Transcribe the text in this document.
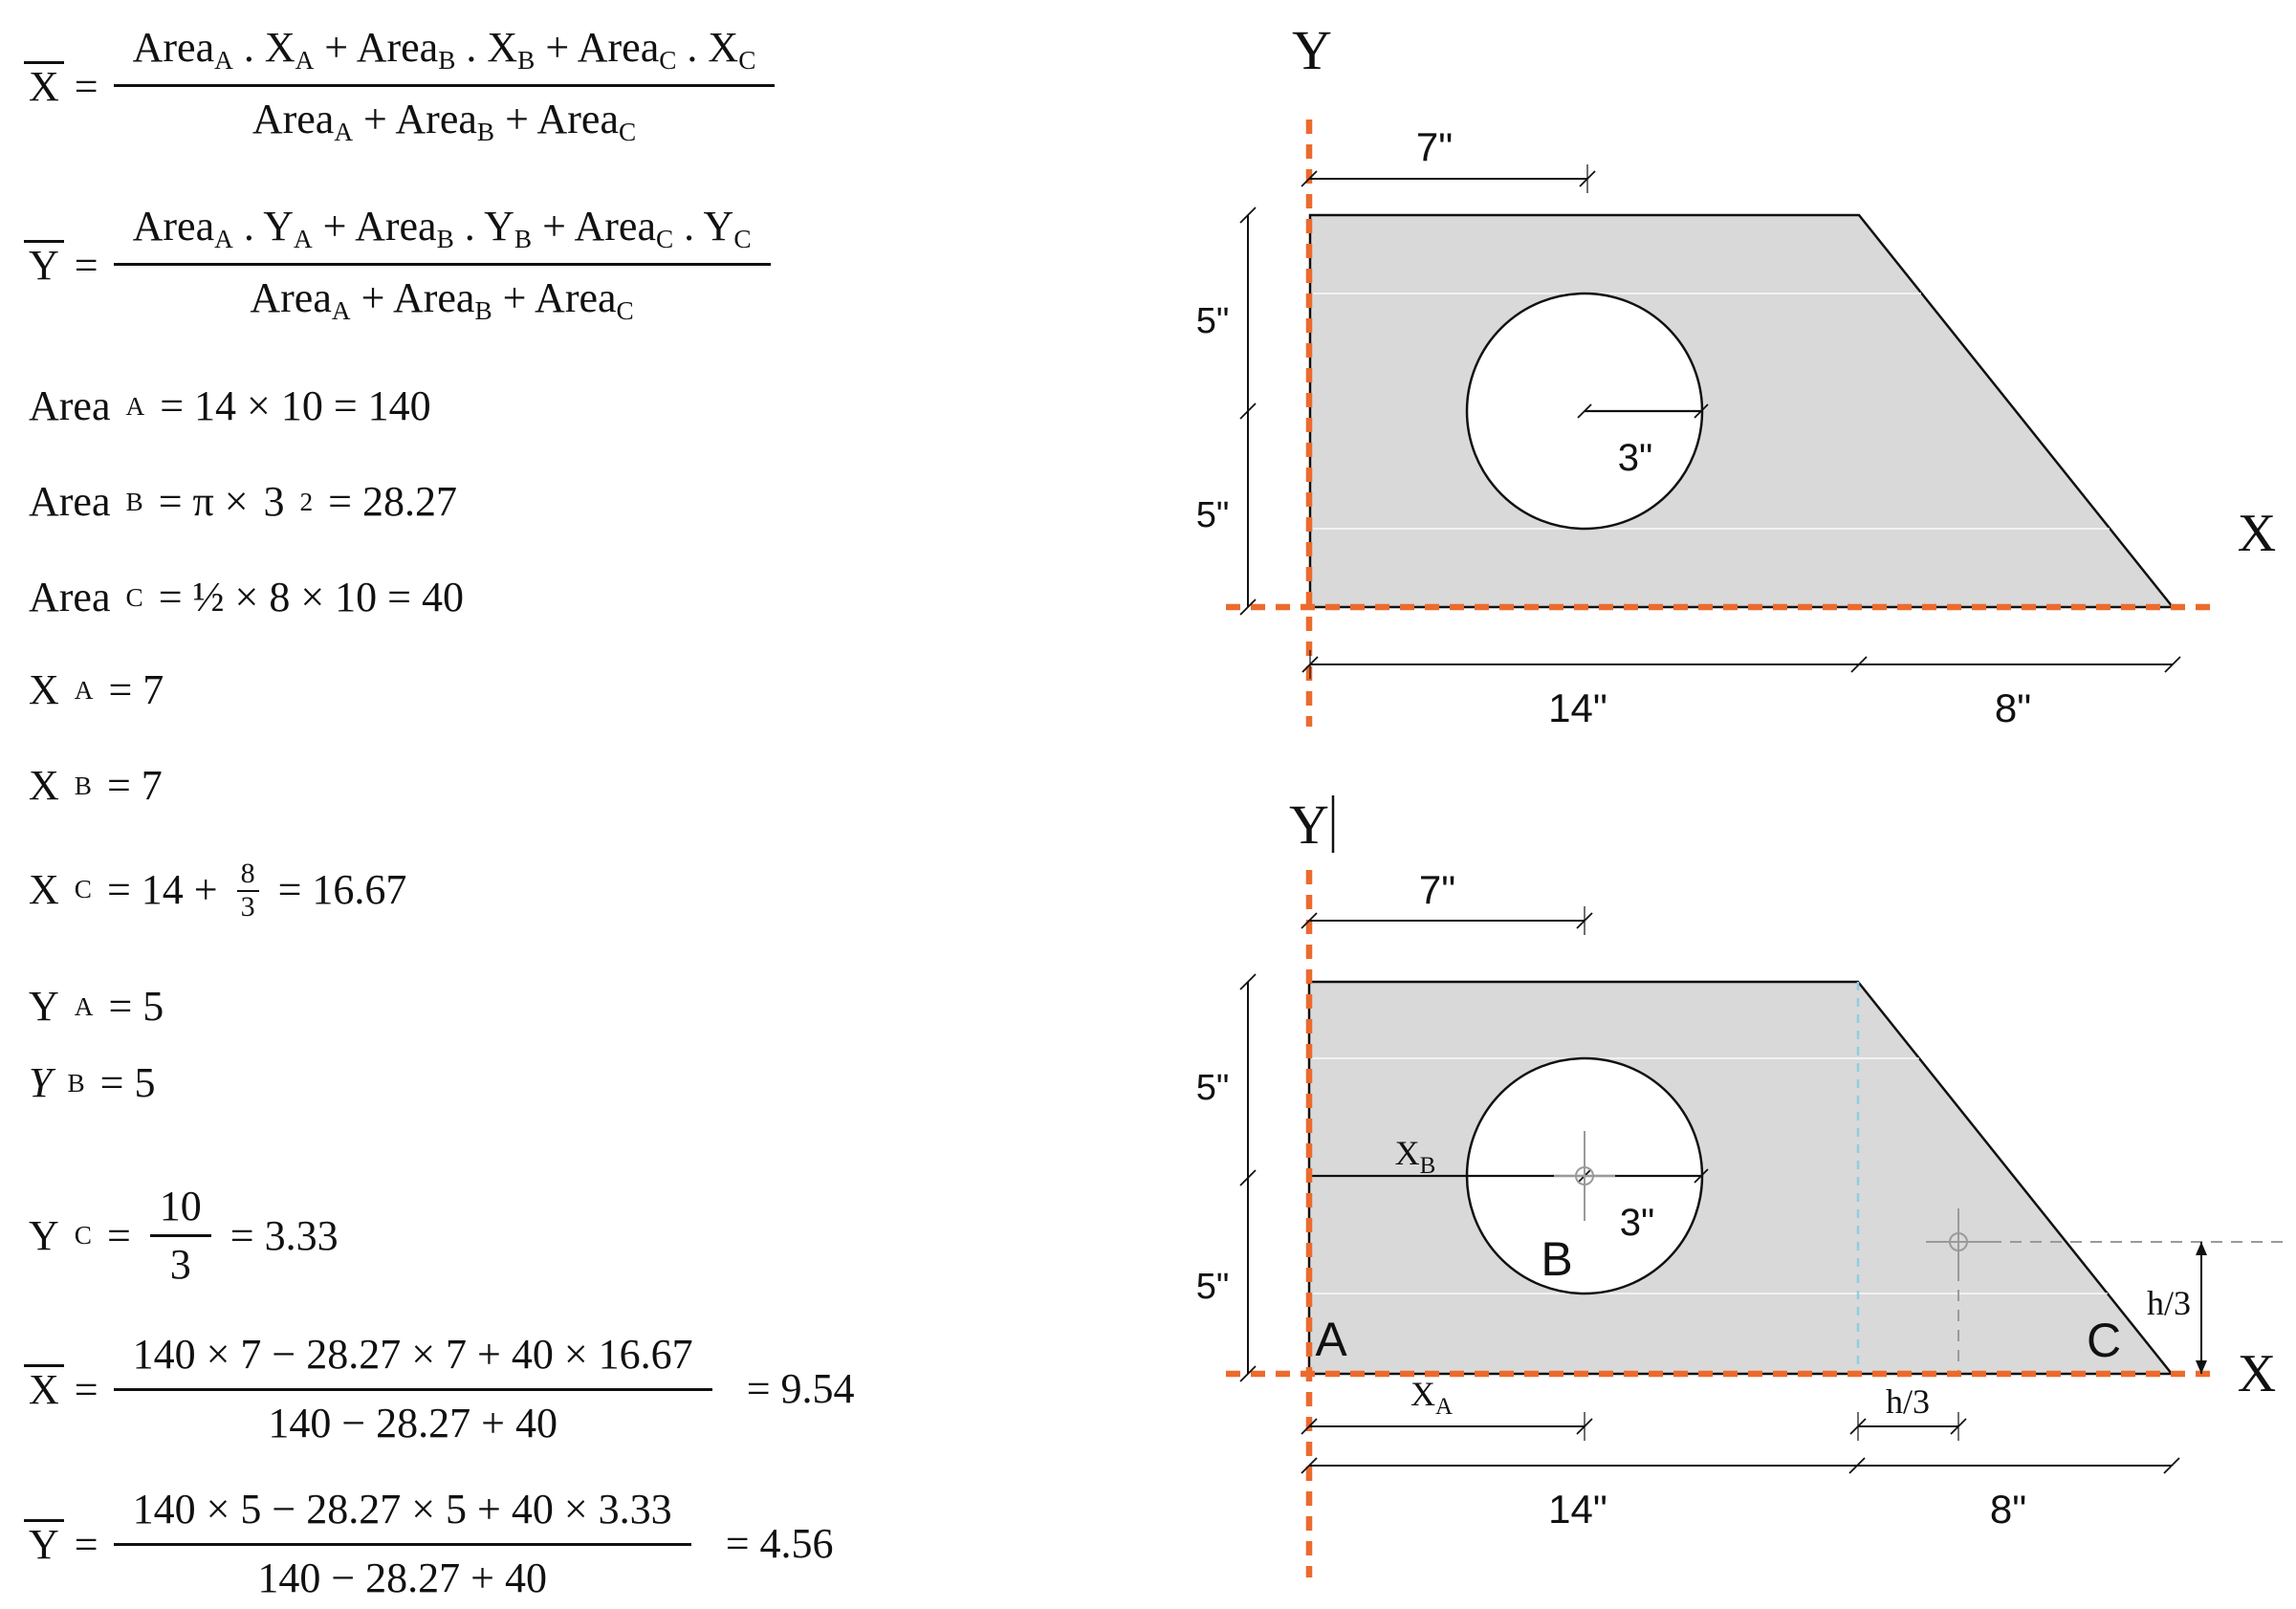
$X = \frac{Area_A . X_A + Area_B . X_B + Area_C . X_C}{Area_A + Area_B + Area_C}$
$Y = \frac{Area_A . Y_A + Area_B . Y_B + Area_C . Y_C}{Area_A + Area_B + Area_C}$
Area A = 14 × 10 = 140
Area B = π × 3 2 = 28.27
Area C = ½ × 8 × 10 = 40
X A = 7
X B = 7
X $C = 14 + \frac{8}{3} = 16.67$
Y A = 5
Y B = 5
Y $C = \frac{10}{3} = 3.33$
$X = \frac{140 \times 7 - 28.27 \times 7 + 40 \times 16.67}{140 - 28.27 + 40} = 9.54$
$Y = \frac{140 \times 5 - 28.27 \times 5 + 40 \times 3.33}{140 - 28.27 + 40} = 4.56$
Y
X
7"
5"
5"
3"
14"	8"
Y
X
7"
5"
5"
3"
14"	8"
$X_B$
$X_A$
h/3
h/3
A
B
C
